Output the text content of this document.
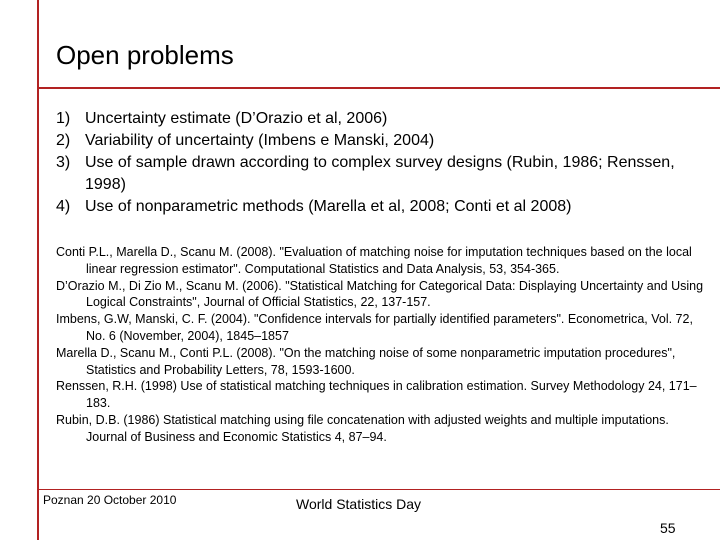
Open problems
1) Uncertainty estimate (D’Orazio et al, 2006)
2) Variability of uncertainty (Imbens e Manski, 2004)
3) Use of sample drawn according to complex survey designs (Rubin, 1986; Renssen, 1998)
4) Use of nonparametric methods (Marella et al, 2008; Conti et al 2008)
Conti P.L., Marella D., Scanu M. (2008). "Evaluation of matching noise for imputation techniques based on the local linear regression estimator". Computational Statistics and Data Analysis, 53, 354-365.
D’Orazio M., Di Zio M., Scanu M. (2006). "Statistical Matching for Categorical Data: Displaying Uncertainty and Using Logical Constraints", Journal of Official Statistics, 22, 137-157.
Imbens, G.W, Manski, C. F. (2004). "Confidence intervals for partially identified parameters". Econometrica, Vol. 72, No. 6 (November, 2004), 1845–1857
Marella D., Scanu M., Conti P.L. (2008). "On the matching noise of some nonparametric imputation procedures", Statistics and Probability Letters, 78, 1593-1600.
Renssen, R.H. (1998) Use of statistical matching techniques in calibration estimation. Survey Methodology 24, 171–183.
Rubin, D.B. (1986) Statistical matching using file concatenation with adjusted weights and multiple imputations. Journal of Business and Economic Statistics 4, 87–94.
Poznan 20 October 2010	World Statistics Day
55
